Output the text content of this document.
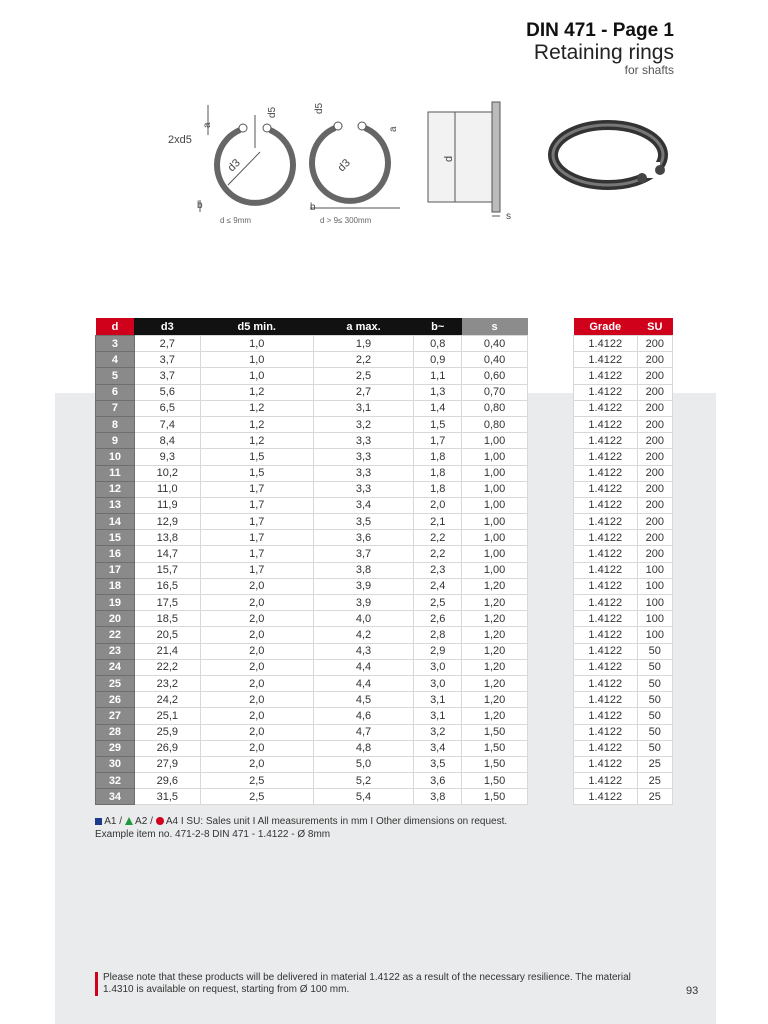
DIN 471 - Page 1
Retaining rings
for shafts
2xd5
a
d5
d3
b
d ≤ 9mm
d5
a
d3
b
d > 9≤ 300mm
d
s
d	d3	d5 min.	a max.	b~	s
3	2,7	1,0	1,9	0,8	0,40
4	3,7	1,0	2,2	0,9	0,40
5	3,7	1,0	2,5	1,1	0,60
6	5,6	1,2	2,7	1,3	0,70
7	6,5	1,2	3,1	1,4	0,80
8	7,4	1,2	3,2	1,5	0,80
9	8,4	1,2	3,3	1,7	1,00
10	9,3	1,5	3,3	1,8	1,00
11	10,2	1,5	3,3	1,8	1,00
12	11,0	1,7	3,3	1,8	1,00
13	11,9	1,7	3,4	2,0	1,00
14	12,9	1,7	3,5	2,1	1,00
15	13,8	1,7	3,6	2,2	1,00
16	14,7	1,7	3,7	2,2	1,00
17	15,7	1,7	3,8	2,3	1,00
18	16,5	2,0	3,9	2,4	1,20
19	17,5	2,0	3,9	2,5	1,20
20	18,5	2,0	4,0	2,6	1,20
22	20,5	2,0	4,2	2,8	1,20
23	21,4	2,0	4,3	2,9	1,20
24	22,2	2,0	4,4	3,0	1,20
25	23,2	2,0	4,4	3,0	1,20
26	24,2	2,0	4,5	3,1	1,20
27	25,1	2,0	4,6	3,1	1,20
28	25,9	2,0	4,7	3,2	1,50
29	26,9	2,0	4,8	3,4	1,50
30	27,9	2,0	5,0	3,5	1,50
32	29,6	2,5	5,2	3,6	1,50
34	31,5	2,5	5,4	3,8	1,50
Grade	SU
1.4122	200
1.4122	200
1.4122	200
1.4122	200
1.4122	200
1.4122	200
1.4122	200
1.4122	200
1.4122	200
1.4122	200
1.4122	200
1.4122	200
1.4122	200
1.4122	200
1.4122	100
1.4122	100
1.4122	100
1.4122	100
1.4122	100
1.4122	50
1.4122	50
1.4122	50
1.4122	50
1.4122	50
1.4122	50
1.4122	50
1.4122	25
1.4122	25
1.4122	25
A1 / A2 / A4 I SU: Sales unit I All measurements in mm I Other dimensions on request.
Example item no. 471-2-8 DIN 471 - 1.4122 - Ø 8mm
Please note that these products will be delivered in material 1.4122 as a result of the necessary resilience. The material 1.4310 is available on request, starting from Ø 100 mm.	93
